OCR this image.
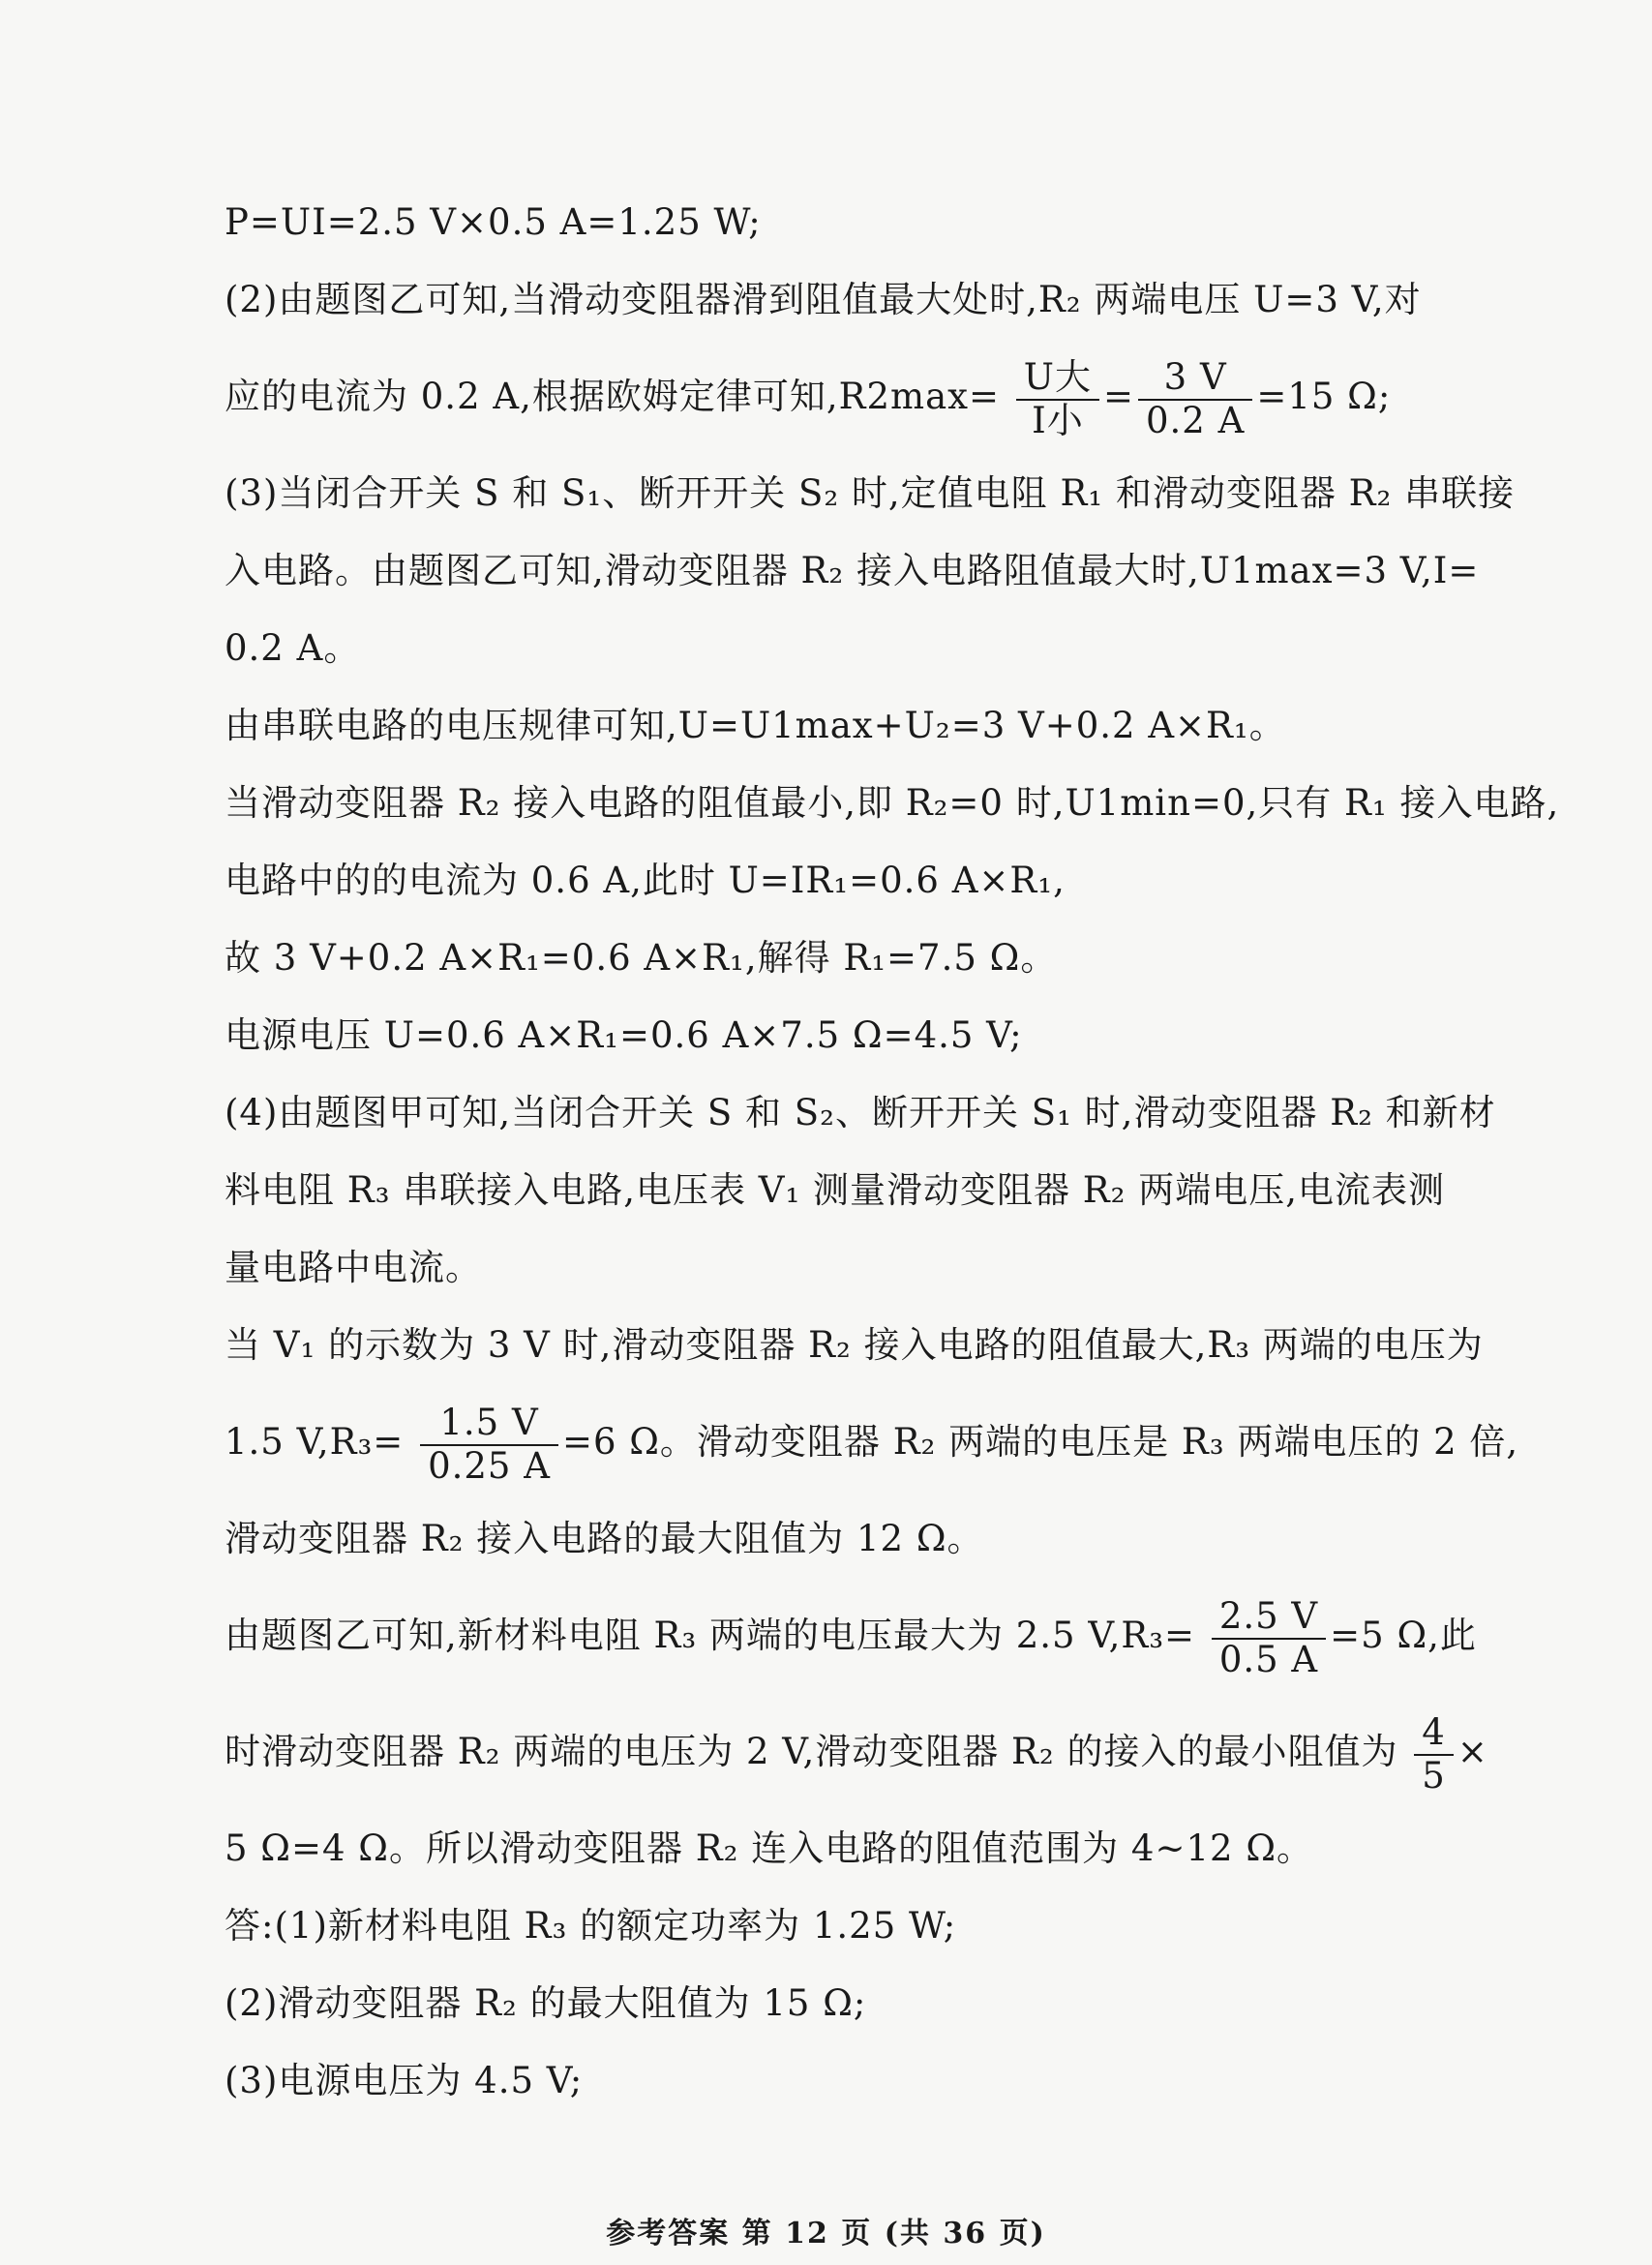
P=UI=2.5 V×0.5 A=1.25 W;
(2)由题图乙可知,当滑动变阻器滑到阻值最大处时,R₂ 两端电压 U=3 V,对
应的电流为 0.2 A,根据欧姆定律可知$,R2\max= \frac{\text{U大}}{\text{I小}} = \frac{3 V}{0.2 A} =15$ Ω;
(3)当闭合开关 S 和 S₁、断开开关 S₂ 时,定值电阻 R₁ 和滑动变阻器 R₂ 串联接
入电路。由题图乙可知,滑动变阻器 R₂ 接入电路阻值最大时,U1max=3 V,I=
0.2 A。
由串联电路的电压规律可知,U=U1max+U₂=3 V+0.2 A×R₁。
当滑动变阻器 R₂ 接入电路的阻值最小,即 R₂=0 时,U1min=0,只有 R₁ 接入电路,
电路中的的电流为 0.6 A,此时 U=IR₁=0.6 A×R₁,
故 3 V+0.2 A×R₁=0.6 A×R₁,解得 R₁=7.5 Ω。
电源电压 U=0.6 A×R₁=0.6 A×7.5 Ω=4.5 V;
(4)由题图甲可知,当闭合开关 S 和 S₂、断开开关 S₁ 时,滑动变阻器 R₂ 和新材
料电阻 R₃ 串联接入电路,电压表 V₁ 测量滑动变阻器 R₂ 两端电压,电流表测
量电路中电流。
当 V₁ 的示数为 3 V 时,滑动变阻器 R₂ 接入电路的阻值最大,R₃ 两端的电压为
1.5 $V,R_3= \frac{1.5 V}{0.25 A} =6$ Ω。滑动变阻器 R₂ 两端的电压是 R₃ 两端电压的 2 倍,
滑动变阻器 R₂ 接入电路的最大阻值为 12 Ω。
由题图乙可知,新材料电阻 R₃ 两端的电压最大为 2.5 $V,R_3= \frac{2.5 V}{0.5 A} =5$ Ω,此
时滑动变阻器 R₂ 两端的电压为 2 V,滑动变阻器 R₂ 的接入的最小阻值为 $\frac{4}{5}$ ×
5 Ω=4 Ω。所以滑动变阻器 R₂ 连入电路的阻值范围为 4~12 Ω。
答:(1)新材料电阻 R₃ 的额定功率为 1.25 W;
(2)滑动变阻器 R₂ 的最大阻值为 15 Ω;
(3)电源电压为 4.5 V;
参考答案 第 12 页 (共 36 页)
